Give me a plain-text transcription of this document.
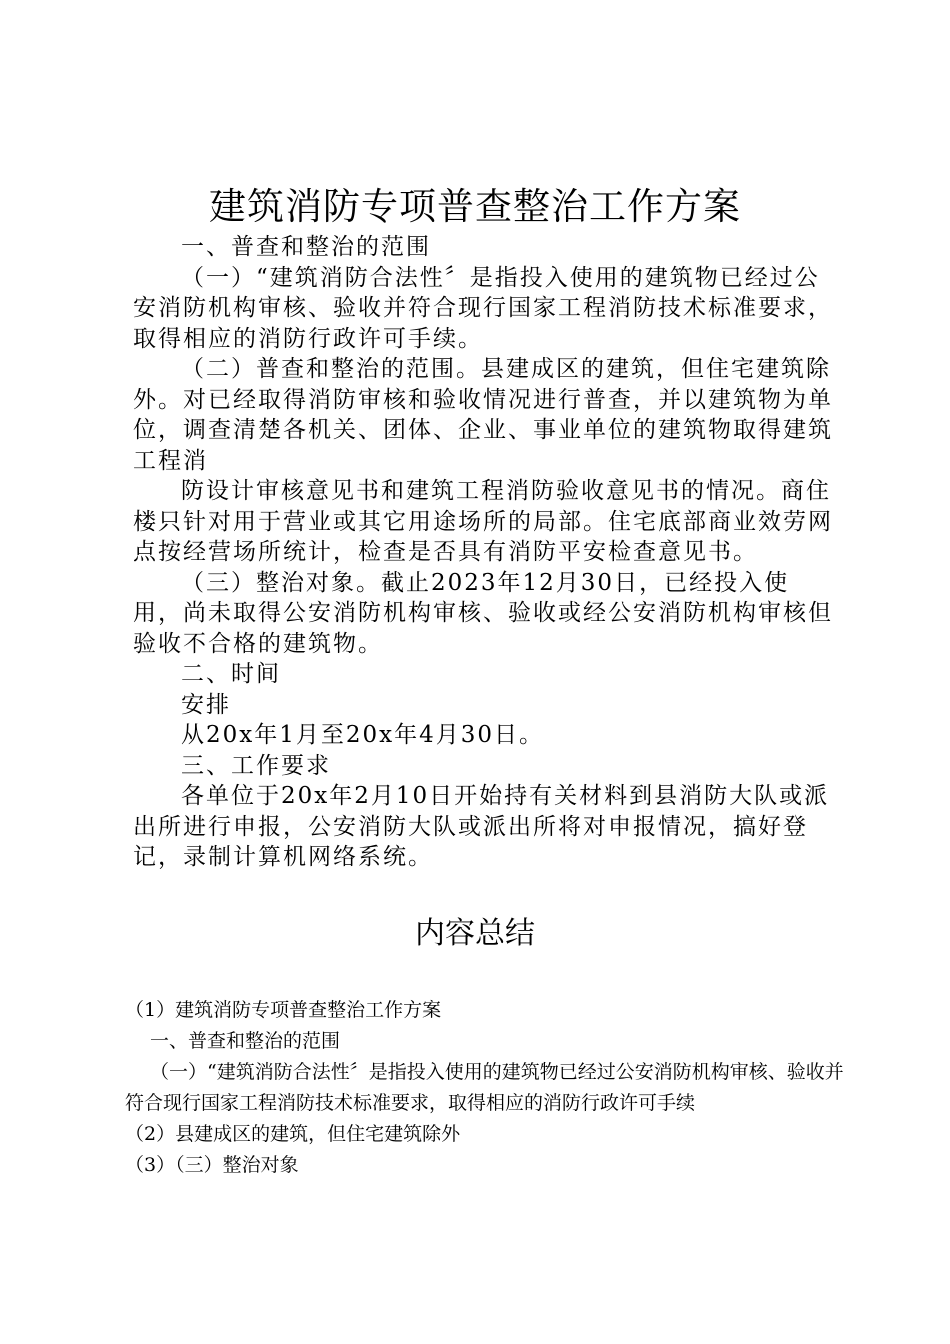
建筑消防专项普查整治工作方案

一、普查和整治的范围

（一）“建筑消防合法性〞是指投入使用的建筑物已经过公安消防机构审核、验收并符合现行国家工程消防技术标准要求，取得相应的消防行政许可手续。

（二）普查和整治的范围。县建成区的建筑，但住宅建筑除外。对已经取得消防审核和验收情况进行普查，并以建筑物为单位，调查清楚各机关、团体、企业、事业单位的建筑物取得建筑工程消

防设计审核意见书和建筑工程消防验收意见书的情况。商住楼只针对用于营业或其它用途场所的局部。住宅底部商业效劳网点按经营场所统计，检查是否具有消防平安检查意见书。

（三）整治对象。截止2023年12月30日，已经投入使用，尚未取得公安消防机构审核、验收或经公安消防机构审核但验收不合格的建筑物。

二、时间

安排

从20x年1月至20x年4月30日。

三、工作要求

各单位于20x年2月10日开始持有关材料到县消防大队或派出所进行申报，公安消防大队或派出所将对申报情况，搞好登记，录制计算机网络系统。

内容总结

（1）建筑消防专项普查整治工作方案

一、普查和整治的范围

（一）“建筑消防合法性〞是指投入使用的建筑物已经过公安消防机构审核、验收并符合现行国家工程消防技术标准要求，取得相应的消防行政许可手续

（2）县建成区的建筑，但住宅建筑除外

（3）（三）整治对象
